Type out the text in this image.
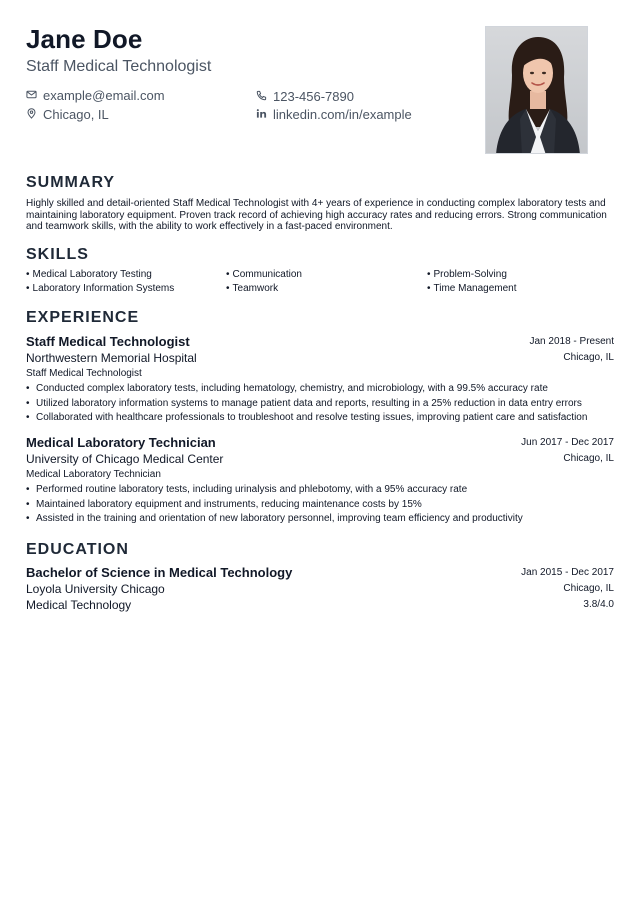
Jane Doe
Staff Medical Technologist
example@email.com	123-456-7890
Chicago, IL	linkedin.com/in/example
SUMMARY
Highly skilled and detail-oriented Staff Medical Technologist with 4+ years of experience in conducting complex laboratory tests and maintaining laboratory equipment. Proven track record of achieving high accuracy rates and reducing errors. Strong communication and teamwork skills, with the ability to work effectively in a fast-paced environment.
SKILLS
• Medical Laboratory Testing	• Communication	• Problem-Solving
• Laboratory Information Systems	• Teamwork	• Time Management
EXPERIENCE
Staff Medical Technologist	Jan 2018 - Present
Northwestern Memorial Hospital	Chicago, IL
Staff Medical Technologist
• Conducted complex laboratory tests, including hematology, chemistry, and microbiology, with a 99.5% accuracy rate
• Utilized laboratory information systems to manage patient data and reports, resulting in a 25% reduction in data entry errors
• Collaborated with healthcare professionals to troubleshoot and resolve testing issues, improving patient care and satisfaction
Medical Laboratory Technician	Jun 2017 - Dec 2017
University of Chicago Medical Center	Chicago, IL
Medical Laboratory Technician
• Performed routine laboratory tests, including urinalysis and phlebotomy, with a 95% accuracy rate
• Maintained laboratory equipment and instruments, reducing maintenance costs by 15%
• Assisted in the training and orientation of new laboratory personnel, improving team efficiency and productivity
EDUCATION
Bachelor of Science in Medical Technology	Jan 2015 - Dec 2017
Loyola University Chicago	Chicago, IL
Medical Technology	3.8/4.0
